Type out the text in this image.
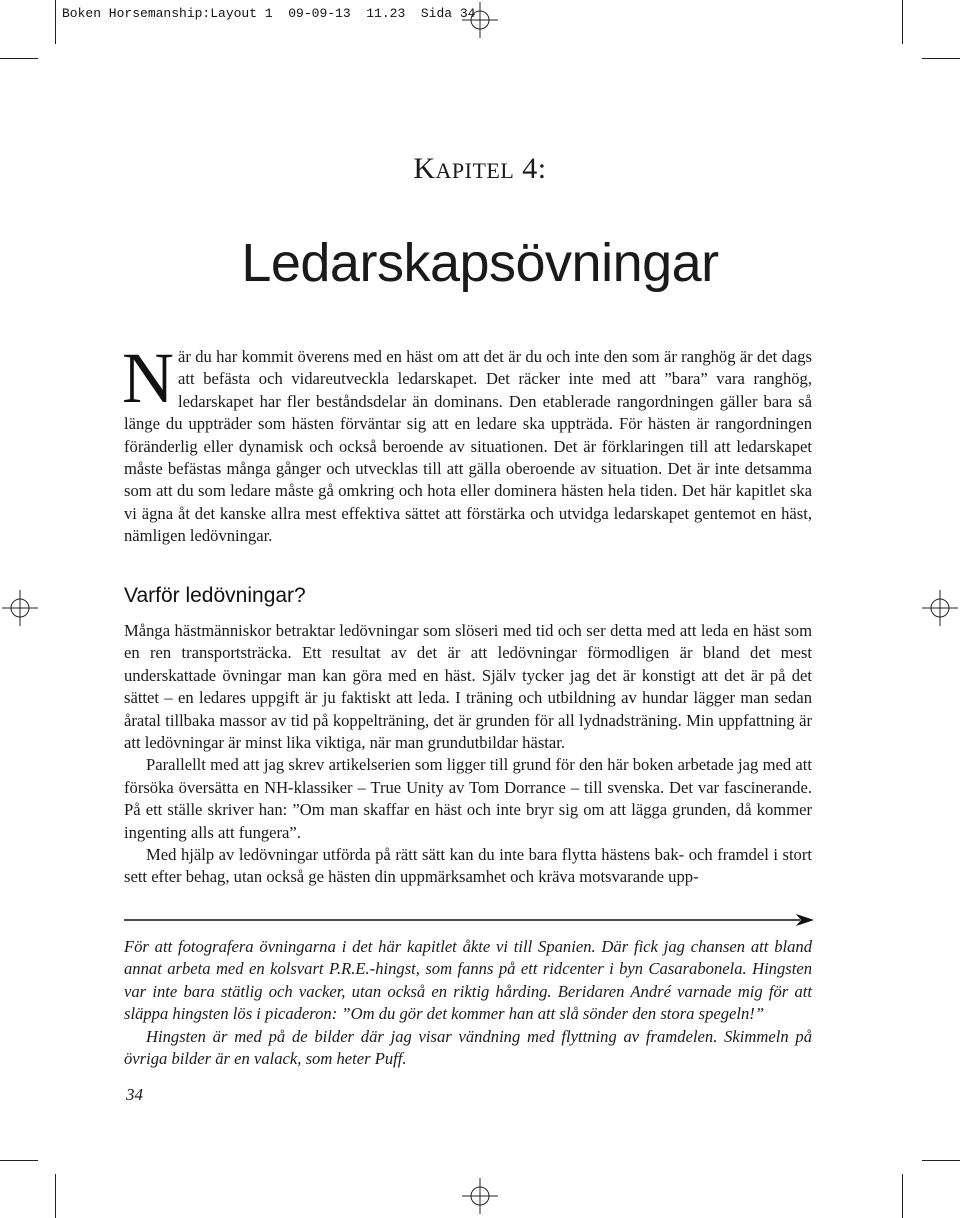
Boken Horsemanship:Layout 1  09-09-13  11.23  Sida 34
KAPITEL 4:
Ledarskapsövningar

När du har kommit överens med en häst om att det är du och inte den som är ranghög är det dags att befästa och vidareutveckla ledarskapet. Det räcker inte med att ”bara” vara ranghög, ledarskapet har fler beståndsdelar än dominans. Den etablerade rangordningen gäller bara så länge du uppträder som hästen förväntar sig att en ledare ska uppträda. För hästen är rangordningen föränderlig eller dynamisk och också beroende av situationen. Det är förklaringen till att ledarskapet måste befästas många gånger och utvecklas till att gälla oberoende av situation. Det är inte detsamma som att du som ledare måste gå omkring och hota eller dominera hästen hela tiden. Det här kapitlet ska vi ägna åt det kanske allra mest effektiva sättet att förstärka och utvidga ledarskapet gentemot en häst, nämligen ledövningar.

Varför ledövningar?

Många hästmänniskor betraktar ledövningar som slöseri med tid och ser detta med att leda en häst som en ren transportsträcka. Ett resultat av det är att ledövningar förmodligen är bland det mest underskattade övningar man kan göra med en häst. Själv tycker jag det är konstigt att det är på det sättet – en ledares uppgift är ju faktiskt att leda. I träning och utbildning av hundar lägger man sedan åratal tillbaka massor av tid på koppelträning, det är grunden för all lydnadsträning. Min uppfattning är att ledövningar är minst lika viktiga, när man grundutbildar hästar.

Parallellt med att jag skrev artikelserien som ligger till grund för den här boken arbetade jag med att försöka översätta en NH-klassiker – True Unity av Tom Dorrance – till svenska. Det var fascinerande. På ett ställe skriver han: ”Om man skaffar en häst och inte bryr sig om att lägga grunden, då kommer ingenting alls att fungera”.

Med hjälp av ledövningar utförda på rätt sätt kan du inte bara flytta hästens bak- och framdel i stort sett efter behag, utan också ge hästen din uppmärksamhet och kräva motsvarande upp-

För att fotografera övningarna i det här kapitlet åkte vi till Spanien. Där fick jag chansen att bland annat arbeta med en kolsvart P.R.E.-hingst, som fanns på ett ridcenter i byn Casarabonela. Hingsten var inte bara stätlig och vacker, utan också en riktig hårding. Beridaren André varnade mig för att släppa hingsten lös i picaderon: ”Om du gör det kommer han att slå sönder den stora spegeln!”

Hingsten är med på de bilder där jag visar vändning med flyttning av framdelen. Skimmeln på övriga bilder är en valack, som heter Puff.

34
